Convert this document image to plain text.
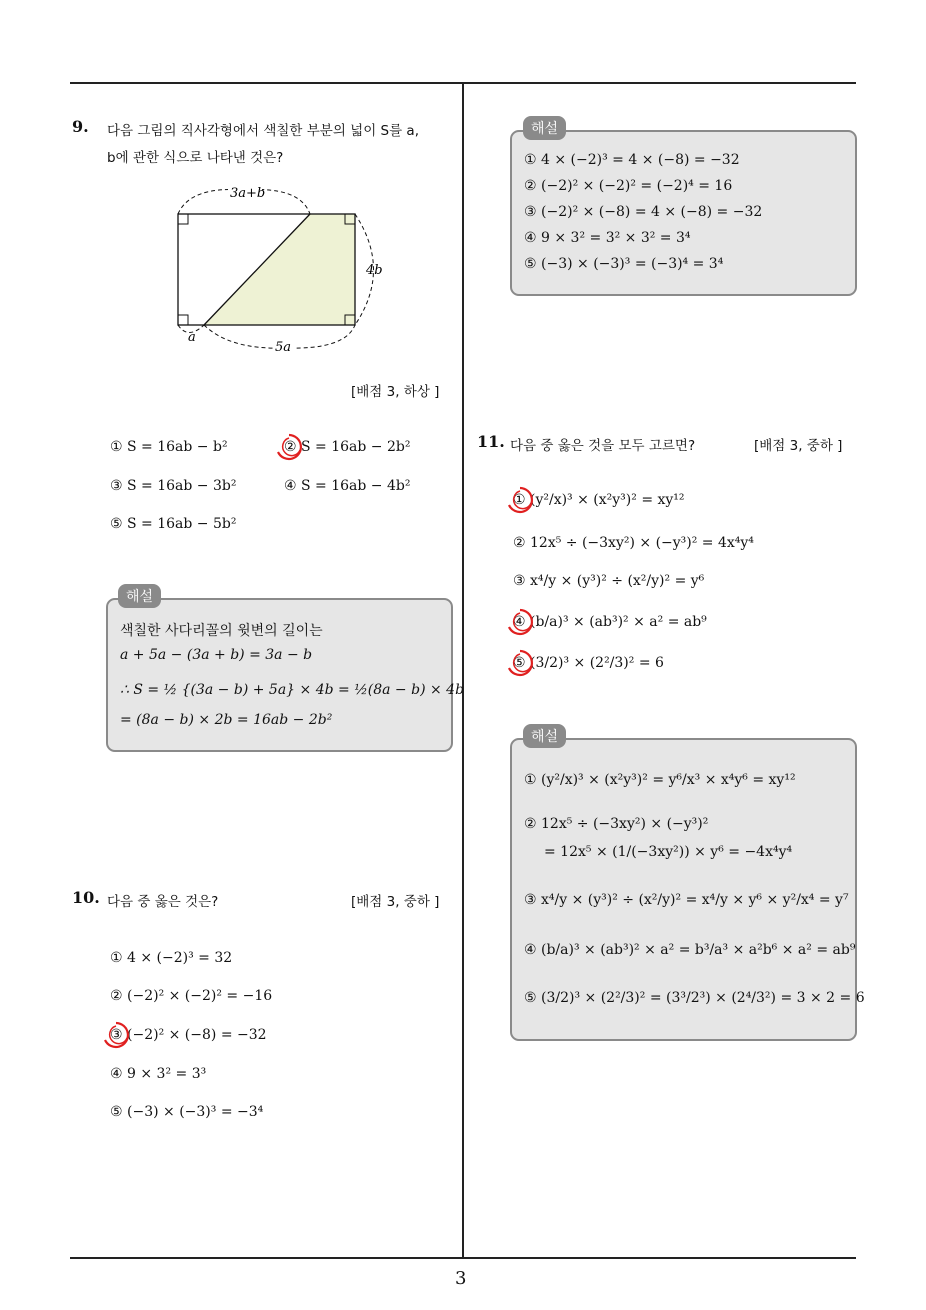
3
9. 다음 그림의 직사각형에서 색칠한 부분의 넓이 S를 a,
b에 관한 식으로 나타낸 것은?
3a+b
4b
a
5a
[배점 3, 하상 ]
① S = 16ab − b²	② S = 16ab − 2b²
③ S = 16ab − 3b²	④ S = 16ab − 4b²
⑤ S = 16ab − 5b²
색칠한 사다리꼴의 윗변의 길이는
a + 5a − (3a + b) = 3a − b
∴ S = ½ {(3a − b) + 5a} × 4b = ½(8a − b) × 4b
= (8a − b) × 2b = 16ab − 2b²
해설
10. 다음 중 옳은 것은?	[배점 3, 중하 ]
① 4 × (−2)³ = 32
② (−2)² × (−2)² = −16
③ (−2)² × (−8) = −32
④ 9 × 3² = 3³
⑤ (−3) × (−3)³ = −3⁴
① 4 × (−2)³ = 4 × (−8) = −32
② (−2)² × (−2)² = (−2)⁴ = 16
③ (−2)² × (−8) = 4 × (−8) = −32
④ 9 × 3² = 3² × 3² = 3⁴
⑤ (−3) × (−3)³ = (−3)⁴ = 3⁴
해설
11. 다음 중 옳은 것을 모두 고르면?	[배점 3, 중하 ]
① (y²/x)³ × (x²y³)² = xy¹²
② 12x⁵ ÷ (−3xy²) × (−y³)² = 4x⁴y⁴
③ x⁴/y × (y³)² ÷ (x²/y)² = y⁶
④ (b/a)³ × (ab³)² × a² = ab⁹
⑤ (3/2)³ × (2²/3)² = 6
① (y²/x)³ × (x²y³)² = y⁶/x³ × x⁴y⁶ = xy¹²
② 12x⁵ ÷ (−3xy²) × (−y³)²
= 12x⁵ × (1/(−3xy²)) × y⁶ = −4x⁴y⁴
③ x⁴/y × (y³)² ÷ (x²/y)² = x⁴/y × y⁶ × y²/x⁴ = y⁷
④ (b/a)³ × (ab³)² × a² = b³/a³ × a²b⁶ × a² = ab⁹
⑤ (3/2)³ × (2²/3)² = (3³/2³) × (2⁴/3²) = 3 × 2 = 6
해설
